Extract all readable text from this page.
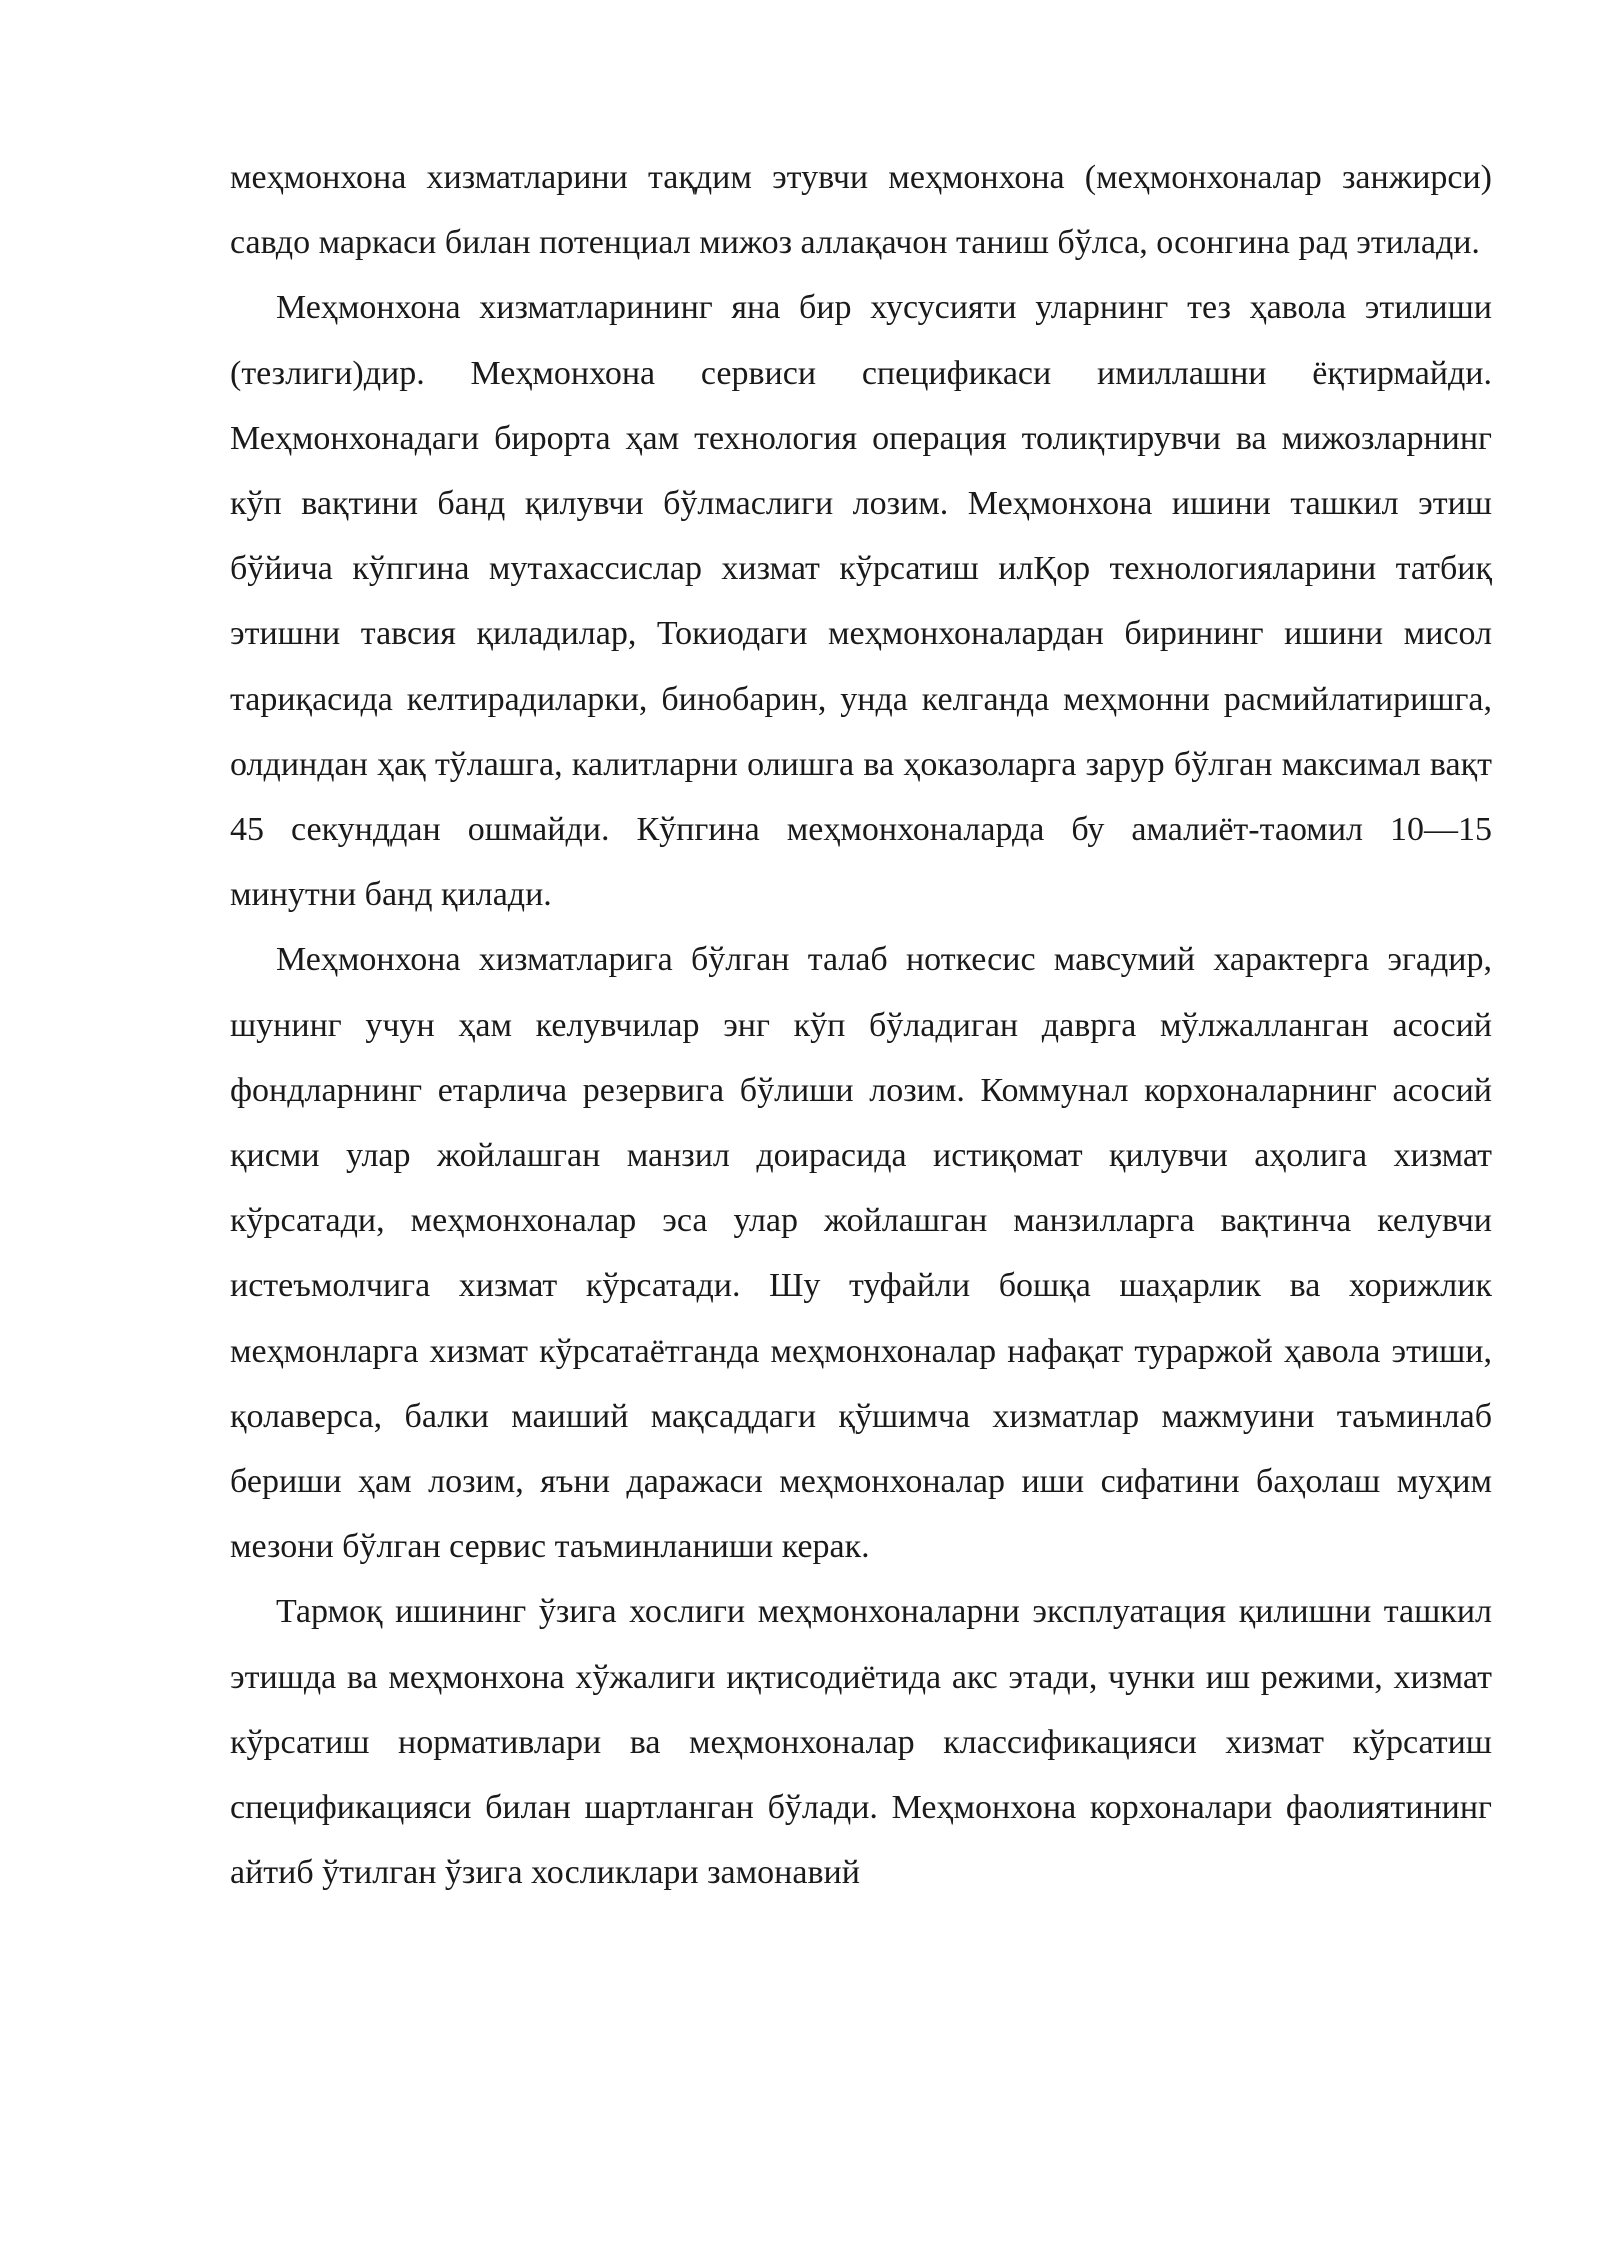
меҳмонхона хизматларини тақдим этувчи меҳмонхона (меҳмонхоналар занжирси) савдо маркаси билан потенциал мижоз аллақачон таниш бўлса, осонгина рад этилади.

Меҳмонхона хизматларининг яна бир хусусияти уларнинг тез ҳавола этилиши (тезлиги)дир. Меҳмонхона сервиси спецификаси имиллашни ёқтирмайди. Меҳмонхонадаги бирорта ҳам технология операция толиқтирувчи ва мижозларнинг кўп вақтини банд қилувчи бўлмаслиги лозим. Меҳмонхона ишини ташкил этиш бўйича кўпгина мутахассислар хизмат кўрсатиш илҚор технологияларини татбиқ этишни тавсия қиладилар, Токиодаги меҳмонхоналардан бирининг ишини мисол тариқасида келтирадиларки, бинобарин, унда келганда меҳмонни расмийлатиришга, олдиндан ҳақ тўлашга, калитларни олишга ва ҳоказоларга зарур бўлган максимал вақт 45 секунддан ошмайди. Кўпгина меҳмонхоналарда бу амалиёт-таомил 10—15 минутни банд қилади.

Меҳмонхона хизматларига бўлган талаб ноткесис мавсумий характерга эгадир, шунинг учун ҳам келувчилар энг кўп бўладиган даврга мўлжалланган асосий фондларнинг етарлича резервига бўлиши лозим. Коммунал корхоналарнинг асосий қисми улар жойлашган манзил доирасида истиқомат қилувчи аҳолига хизмат кўрсатади, меҳмонхоналар эса улар жойлашган манзилларга вақтинча келувчи истеъмолчига хизмат кўрсатади. Шу туфайли бошқа шаҳарлик ва хорижлик меҳмонларга хизмат кўрсатаётганда меҳмонхоналар нафақат тураржой ҳавола этиши, қолаверса, балки маиший мақсаддаги қўшимча хизматлар мажмуини таъминлаб бериши ҳам лозим, яъни даражаси меҳмонхоналар иши сифатини баҳолаш муҳим мезони бўлган сервис таъминланиши керак.

Тармоқ ишининг ўзига хослиги меҳмонхоналарни эксплуатация қилишни ташкил этишда ва меҳмонхона хўжалиги иқтисодиётида акс этади, чунки иш режими, хизмат кўрсатиш нормативлари ва меҳмонхоналар классификацияси хизмат кўрсатиш спецификацияси билан шартланган бўлади. Меҳмонхона корхоналари фаолиятининг айтиб ўтилган ўзига хосликлари замонавий
